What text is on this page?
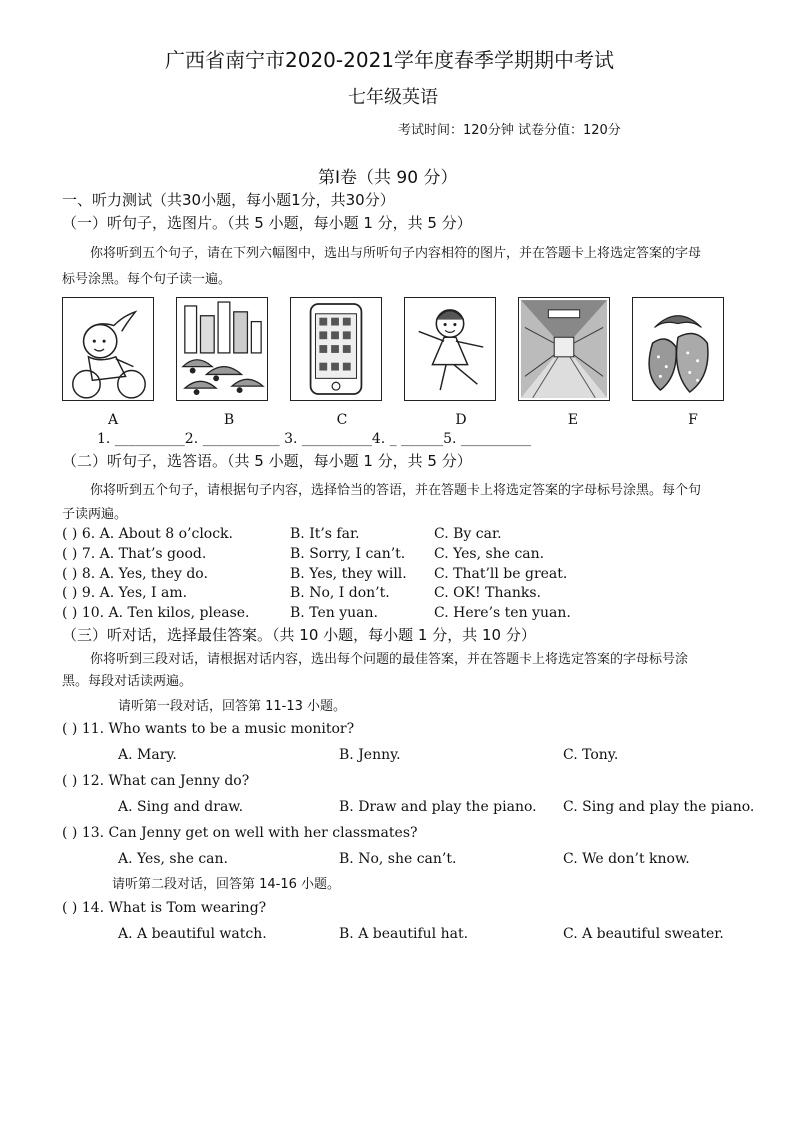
广西省南宁市2020-2021学年度春季学期期中考试
七年级英语
考试时间：120分钟 试卷分值：120分
第Ⅰ卷（共 90 分）
一、听力测试（共30小题，每小题1分，共30分）
（一）听句子，选图片。（共 5 小题，每小题 1 分，共 5 分）
你将听到五个句子，请在下列六幅图中，选出与所听句子内容相符的图片，并在答题卡上将选定答案的字母
标号涂黑。每个句子读一遍。
A	B	C	D	E	F
1. __________2. ___________ 3. __________4. _ ______5. __________
（二）听句子，选答语。（共 5 小题，每小题 1 分，共 5 分）
你将听到五个句子，请根据句子内容，选择恰当的答语，并在答题卡上将选定答案的字母标号涂黑。每个句
子读两遍。
( ) 6. A. About 8 o’clock.	B. It’s far.	C. By car.
( ) 7. A. That’s good.	B. Sorry, I can’t. C. Yes, she can.
( ) 8. A. Yes, they do.	B. Yes, they will. C. That’ll be great.
( ) 9. A. Yes, I am.	B. No, I don’t.	C. OK! Thanks.
( ) 10. A. Ten kilos, please.	B. Ten yuan.	C. Here’s ten yuan.
（三）听对话，选择最佳答案。（共 10 小题，每小题 1 分，共 10 分）
你将听到三段对话，请根据对话内容，选出每个问题的最佳答案，并在答题卡上将选定答案的字母标号涂
黑。每段对话读两遍。
请听第一段对话，回答第 11-13 小题。
( ) 11. Who wants to be a music monitor?
A. Mary.	B. Jenny.	C. Tony.
( ) 12. What can Jenny do?
A. Sing and draw.	B. Draw and play the piano. C. Sing and play the piano.
( ) 13. Can Jenny get on well with her classmates?
A. Yes, she can.	B. No, she can’t.	C. We don’t know.
请听第二段对话，回答第 14-16 小题。
( ) 14. What is Tom wearing?
A. A beautiful watch.	B. A beautiful hat.	C. A beautiful sweater.
